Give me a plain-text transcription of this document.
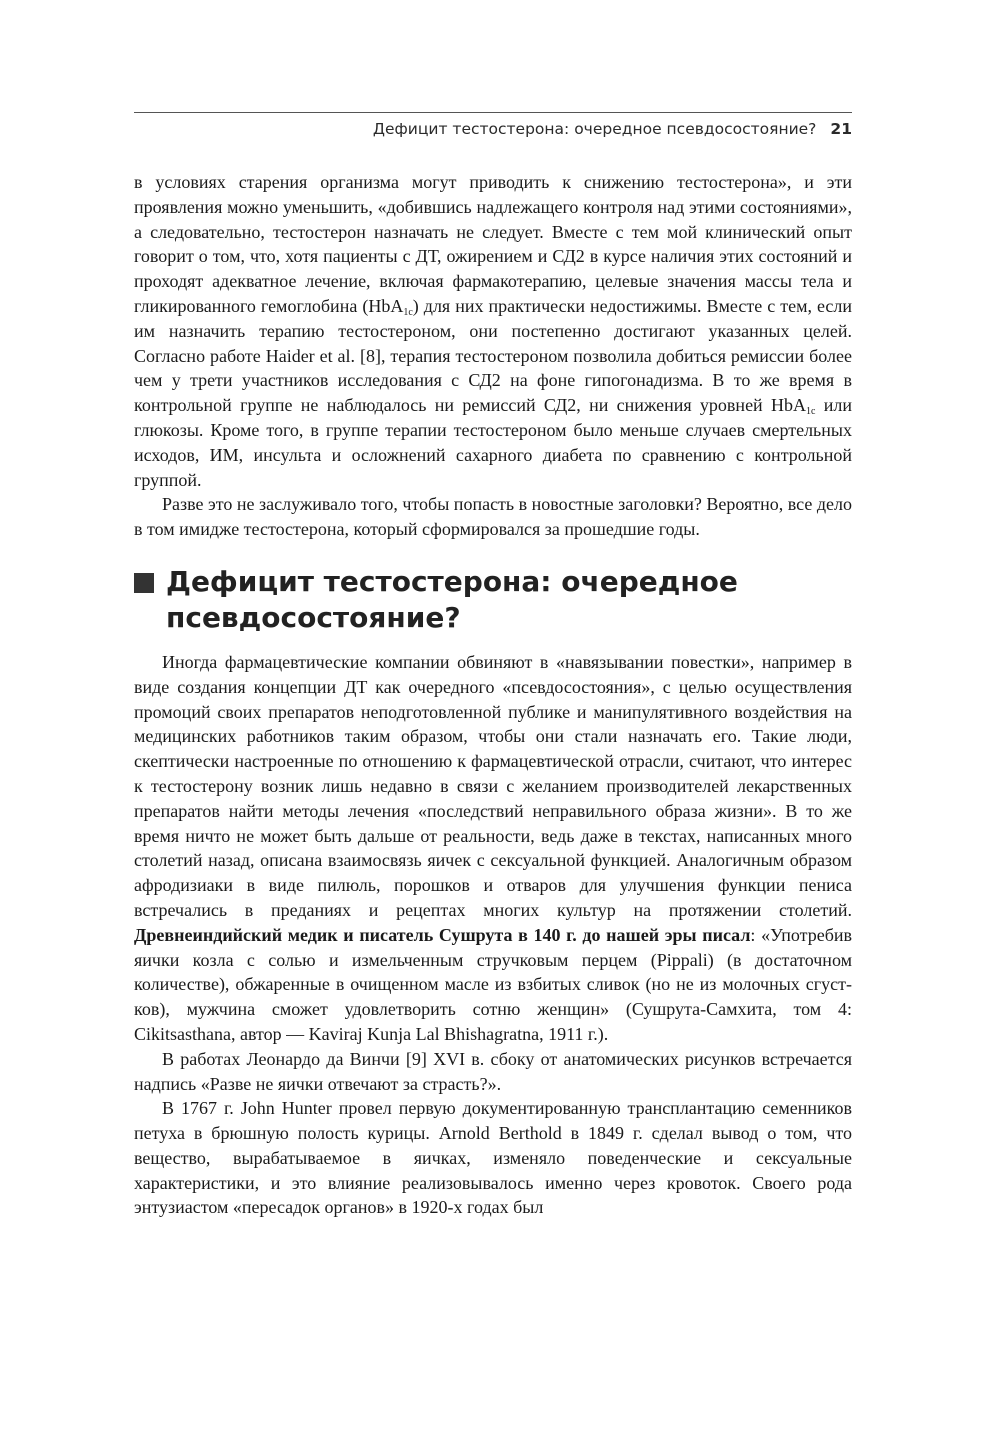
Дефицит тестостерона: очередное псевдосостояние? 21

в условиях старения организма могут приводить к снижению тестостерона», и эти проявления можно уменьшить, «добившись надлежащего контроля над этими состояниями», а следовательно, тестостерон назначать не следует. Вместе с тем мой клинический опыт говорит о том, что, хотя пациенты с ДТ, ожирением и СД2 в курсе наличия этих состояний и проходят адекватное лечение, включая фармакотерапию, целевые значения массы тела и гликированного гемоглобина (HbA$_{1c}$) для них практически недостижимы. Вместе с тем, если им назначить терапию тестостероном, они постепенно достигают указанных целей. Согласно работе Haider et al. [8], терапия тестостероном позволила добиться ремиссии более чем у трети участников исследования с СД2 на фоне гипогонадизма. В то же время в контрольной группе не наблюдалось ни ремиссий СД2, ни снижения уровней HbA$_{1c}$ или глюкозы. Кроме того, в группе терапии тестостероном было меньше случаев смертельных исходов, ИМ, инсульта и осложнений сахарного диабета по сравнению с контрольной группой.

Разве это не заслуживало того, чтобы попасть в новостные заголовки? Вероятно, все дело в том имидже тестостерона, который сформировался за прошедшие годы.

Дефицит тестостерона: очередное псевдосостояние?

Иногда фармацевтические компании обвиняют в «навязывании повестки», например в виде создания концепции ДТ как очередного «псевдосостояния», с целью осуществления промоций своих препаратов неподготовленной публике и манипулятивного воздействия на медицинских работников таким образом, чтобы они стали назначать его. Такие люди, скептически настроенные по отношению к фармацевтической отрасли, считают, что интерес к тестостерону возник лишь недавно в связи с желанием производителей лекарственных препаратов найти методы лечения «последствий неправильного образа жизни». В то же время ничто не может быть дальше от реальности, ведь даже в текстах, написанных много столетий назад, описана взаимосвязь яичек с сексуальной функцией. Аналогичным образом афродизиаки в виде пилюль, порошков и отваров для улучшения функции пениса встречались в преданиях и рецептах многих культур на протяжении столетий. Древнеиндийский медик и писатель Сушрута в 140 г. до нашей эры писал: «Употребив яички козла с солью и измельченным стручковым перцем (Pippali) (в достаточном количестве), обжаренные в очищенном масле из взбитых сливок (но не из молочных сгустков), мужчина сможет удовлетворить сотню женщин» (Сушрута-Самхита, том 4: Cikitsasthana, автор — Kaviraj Kunja Lal Bhishagratna, 1911 г.).

В работах Леонардо да Винчи [9] XVI в. сбоку от анатомических рисунков встречается надпись «Разве не яички отвечают за страсть?».

В 1767 г. John Hunter провел первую документированную трансплантацию семенников петуха в брюшную полость курицы. Arnold Berthold в 1849 г. сделал вывод о том, что вещество, вырабатываемое в яичках, изменяло поведенческие и сексуальные характеристики, и это влияние реализовывалось именно через кровоток. Своего рода энтузиастом «пересадок органов» в 1920-х годах был
